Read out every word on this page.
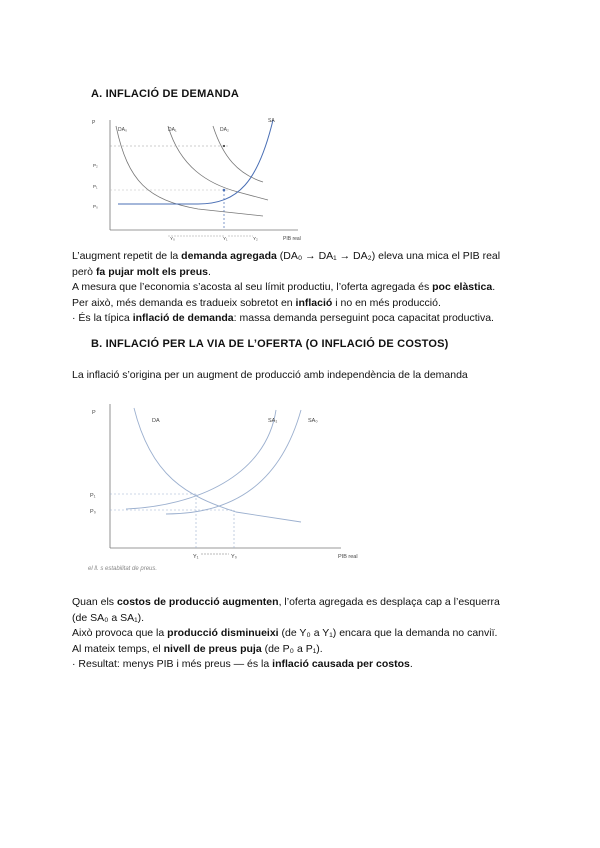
A. INFLACIÓ DE DEMANDA
P
DA₀	DA₁	DA₂
SA
P₂
P₁
P₀
Y₀	Y₁	Y₂	PIB real

L’augment repetit de la demanda agregada (DA₀ → DA₁ → DA₂) eleva una mica el PIB real

però fa pujar molt els preus.

A mesura que l’economia s’acosta al seu límit productiu, l’oferta agregada és poc elàstica.

Per això, més demanda es tradueix sobretot en inflació i no en més producció.

· És la típica inflació de demanda: massa demanda perseguint poca capacitat productiva.

B. INFLACIÓ PER LA VIA DE L’OFERTA (O INFLACIÓ DE COSTOS)
La inflació s’origina per un augment de producció amb independència de la demanda
P
DA	SA₁	SA₀
P₁
P₀
Y₁	Y₀	PIB real
el ll. s estabilitat de preus.

Quan els costos de producció augmenten, l’oferta agregada es desplaça cap a l’esquerra

(de SA₀ a SA₁).

Això provoca que la producció disminueixi (de Y₀ a Y₁) encara que la demanda no canviï.

Al mateix temps, el nivell de preus puja (de P₀ a P₁).

· Resultat: menys PIB i més preus — és la inflació causada per costos.
